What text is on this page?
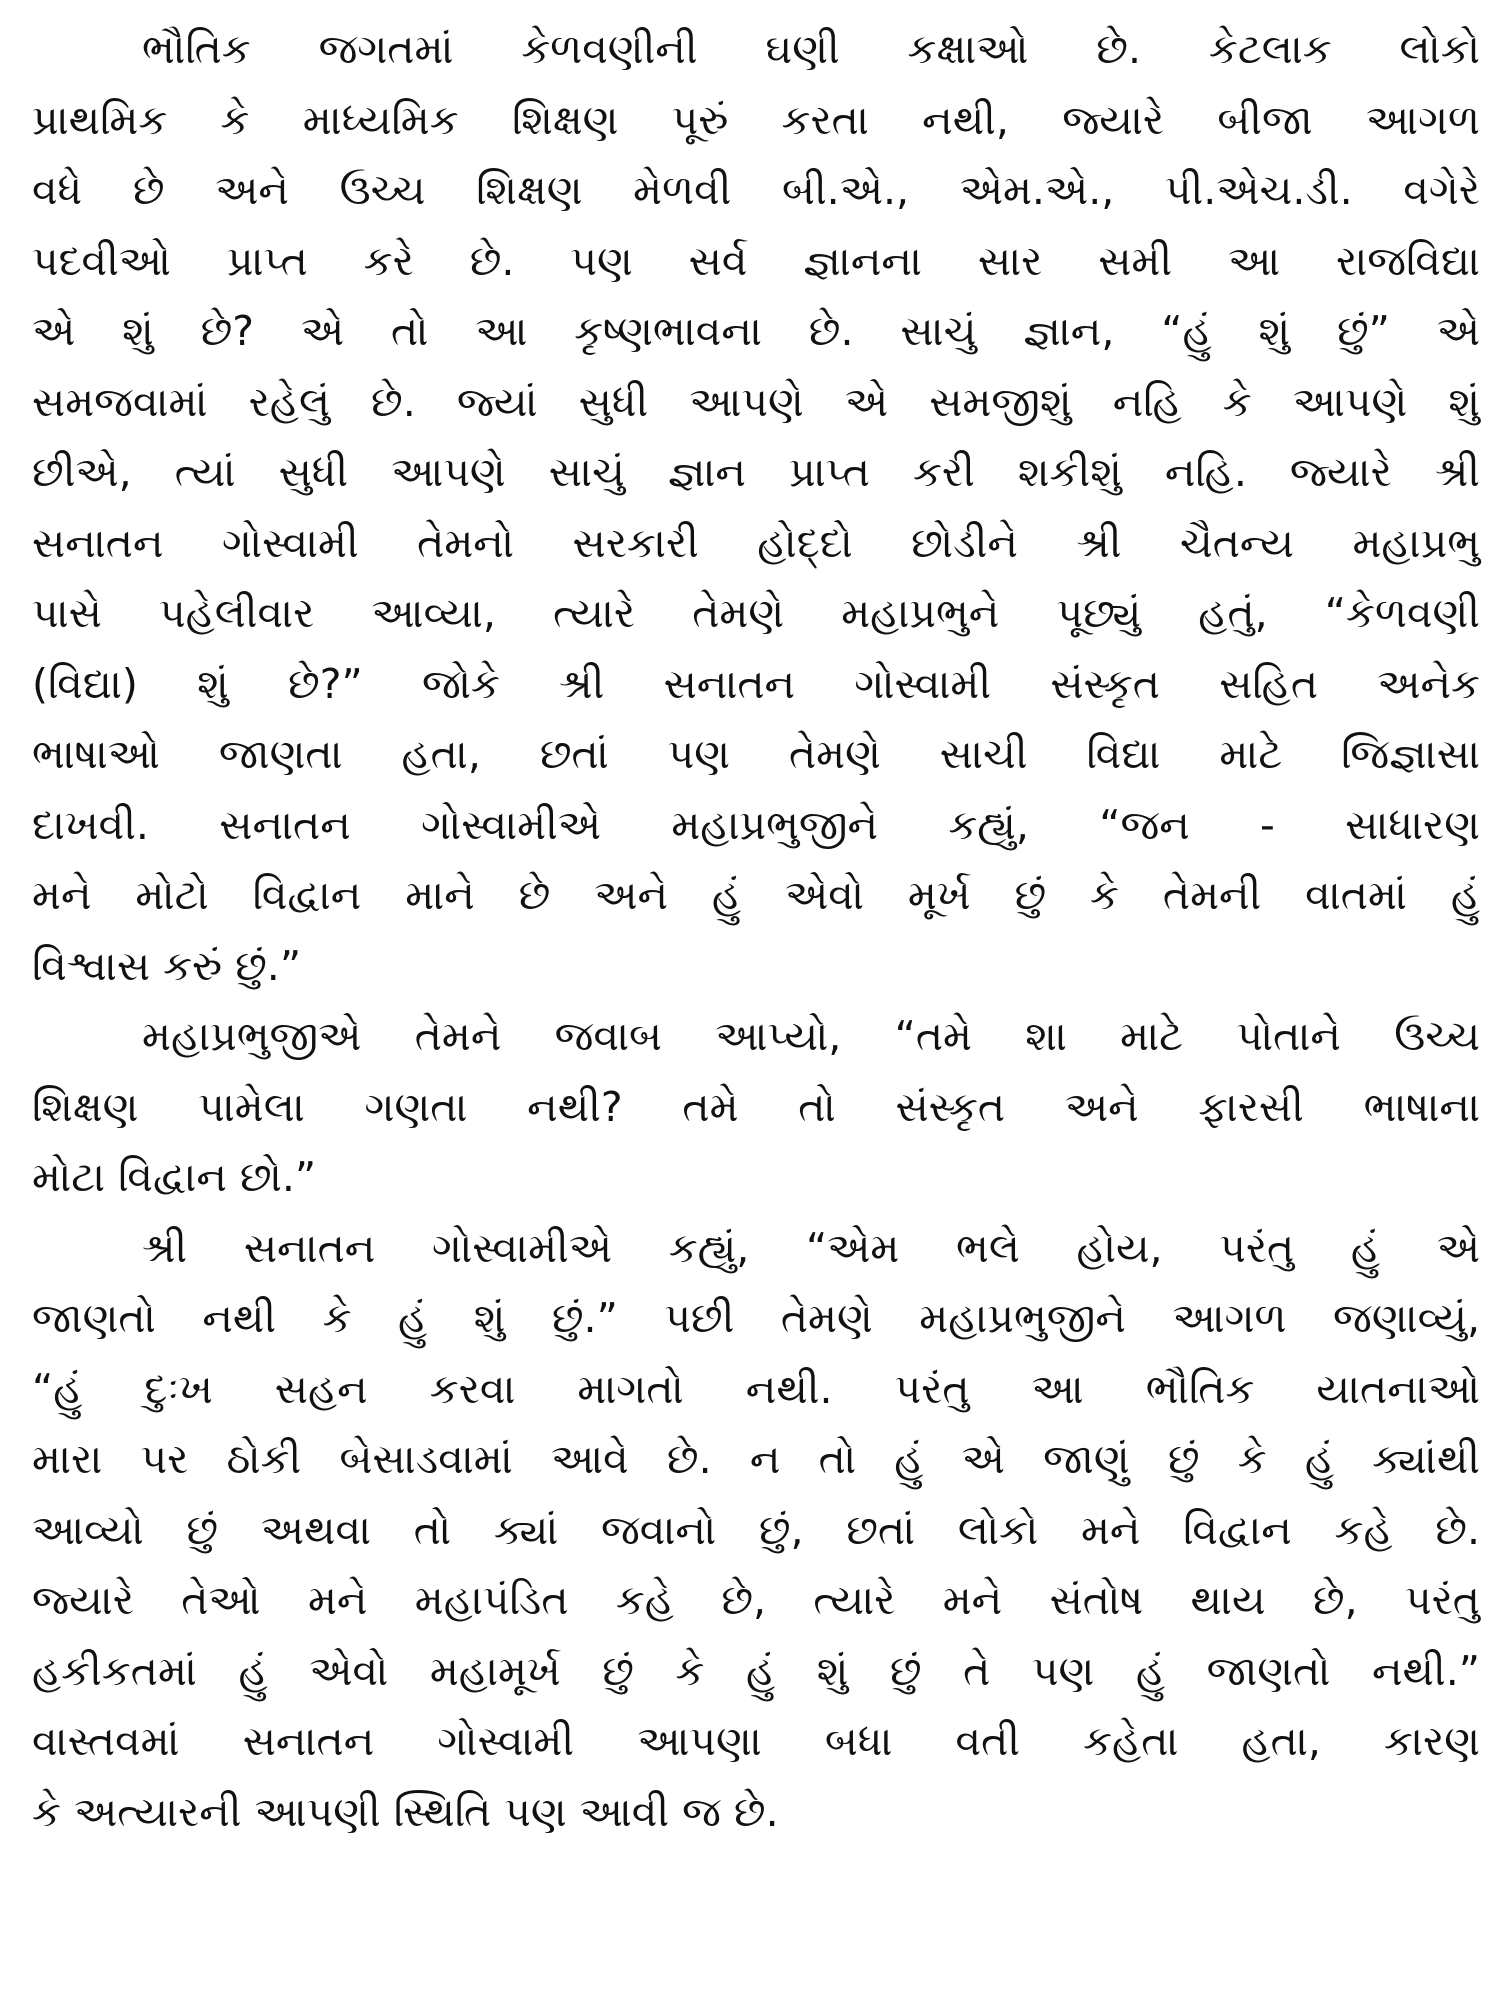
ભૌતિક જગતમાં કેળવણીની ઘણી કક્ષાઓ છે. કેટલાક લોકો
પ્રાથમિક કે માધ્યમિક શિક્ષણ પૂરું કરતા નથી, જ્યારે બીજા આગળ
વધે છે અને ઉચ્ચ શિક્ષણ મેળવી બી.એ., એમ.એ., પી.એચ.ડી. વગેરે
પદવીઓ પ્રાપ્ત કરે છે. પણ સર્વ જ્ઞાનના સાર સમી આ રાજવિદ્યા
એ શું છે? એ તો આ કૃષ્ણભાવના છે. સાચું જ્ઞાન, “હું શું છું” એ
સમજવામાં રહેલું છે. જ્યાં સુધી આપણે એ સમજીશું નહિ કે આપણે શું
છીએ, ત્યાં સુધી આપણે સાચું જ્ઞાન પ્રાપ્ત કરી શકીશું નહિ. જ્યારે શ્રી
સનાતન ગોસ્વામી તેમનો સરકારી હોદ્દો છોડીને શ્રી ચૈતન્ય મહાપ્રભુ
પાસે પહેલીવાર આવ્યા, ત્યારે તેમણે મહાપ્રભુને પૂછ્યું હતું, “કેળવણી
(વિદ્યા) શું છે?” જોકે શ્રી સનાતન ગોસ્વામી સંસ્કૃત સહિત અનેક
ભાષાઓ જાણતા હતા, છતાં પણ તેમણે સાચી વિદ્યા માટે જિજ્ઞાસા
દાખવી. સનાતન ગોસ્વામીએ મહાપ્રભુજીને કહ્યું, “જન - સાધારણ
મને મોટો વિદ્વાન માને છે અને હું એવો મૂર્ખ છું કે તેમની વાતમાં હું
વિશ્વાસ કરું છું.”
મહાપ્રભુજીએ તેમને જવાબ આપ્યો, “તમે શા માટે પોતાને ઉચ્ચ
શિક્ષણ પામેલા ગણતા નથી? તમે તો સંસ્કૃત અને ફારસી ભાષાના
મોટા વિદ્વાન છો.”
શ્રી સનાતન ગોસ્વામીએ કહ્યું, “એમ ભલે હોય, પરંતુ હું એ
જાણતો નથી કે હું શું છું.” પછી તેમણે મહાપ્રભુજીને આગળ જણાવ્યું,
“હું દુઃખ સહન કરવા માગતો નથી. પરંતુ આ ભૌતિક યાતનાઓ
મારા પર ઠોકી બેસાડવામાં આવે છે. ન તો હું એ જાણું છું કે હું ક્યાંથી
આવ્યો છું અથવા તો ક્યાં જવાનો છું, છતાં લોકો મને વિદ્વાન કહે છે.
જ્યારે તેઓ મને મહાપંડિત કહે છે, ત્યારે મને સંતોષ થાય છે, પરંતુ
હકીકતમાં હું એવો મહામૂર્ખ છું કે હું શું છું તે પણ હું જાણતો નથી.”
વાસ્તવમાં સનાતન ગોસ્વામી આપણા બધા વતી કહેતા હતા, કારણ
કે અત્યારની આપણી સ્થિતિ પણ આવી જ છે.
